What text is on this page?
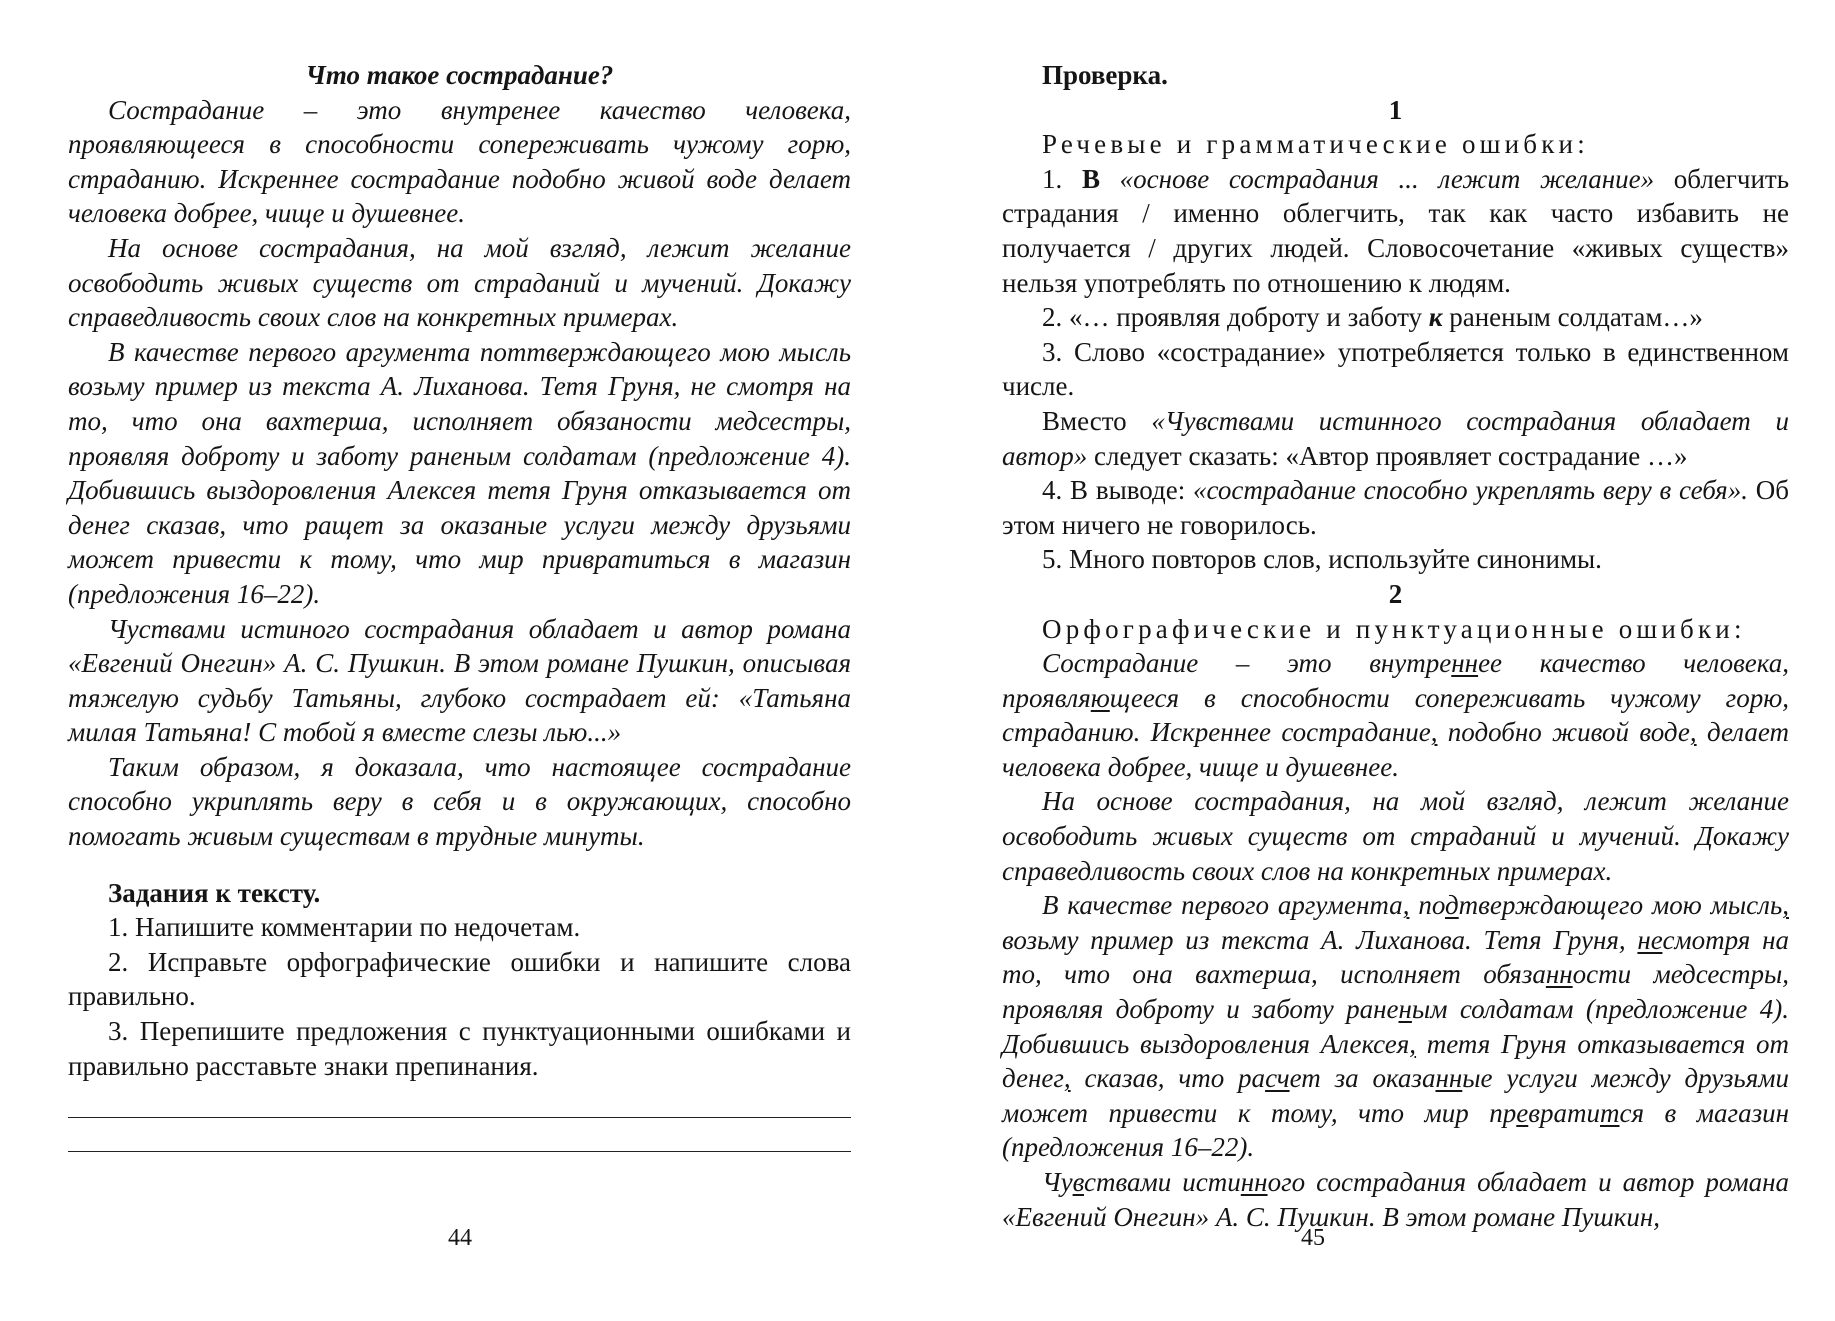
Что такое сострадание?

Сострадание – это внутренее качество человека, проявляющееся в способности сопереживать чужому горю, страданию. Искреннее сострадание подобно живой воде делает человека добрее, чище и душевнее.

На основе сострадания, на мой взгляд, лежит желание освободить живых существ от страданий и мучений. Докажу справедливость своих слов на конкретных примерах.

В качестве первого аргумента поттверждающего мою мысль возьму пример из текста А. Лиханова. Тетя Груня, не смотря на то, что она вахтерша, исполняет обязаности медсестры, проявляя доброту и заботу раненым солдатам (предложение 4). Добившись выздоровления Алексея тетя Груня отказывается от денег сказав, что ращет за оказаные услуги между друзьями может привести к тому, что мир привратиться в магазин (предложения 16–22).

Чуствами истиного сострадания обладает и автор романа «Евгений Онегин» А. С. Пушкин. В этом романе Пушкин, описывая тяжелую судьбу Татьяны, глубоко сострадает ей: «Татьяна милая Татьяна! С тобой я вместе слезы лью...»

Таким образом, я доказала, что настоящее сострадание способно укриплять веру в себя и в окружающих, способно помогать живым существам в трудные минуты.

Задания к тексту.

1. Напишите комментарии по недочетам.

2. Исправьте орфографические ошибки и напишите слова правильно.

3. Перепишите предложения с пунктуационными ошибками и правильно расставьте знаки препинания.

44

Проверка.

1

Речевые и грамматические ошибки:

1. В «основе сострадания ... лежит желание» облегчить страдания / именно облегчить, так как часто избавить не получается / других людей. Словосочетание «живых существ» нельзя употреблять по отношению к людям.

2. «… проявляя доброту и заботу к раненым солдатам…»

3. Слово «сострадание» употребляется только в единственном числе.

Вместо «Чувствами истинного сострадания обладает и автор» следует сказать: «Автор проявляет сострадание …»

4. В выводе: «сострадание способно укреплять веру в себя». Об этом ничего не говорилось.

5. Много повторов слов, используйте синонимы.

2

Орфографические и пунктуационные ошибки:

Сострадание – это внутреннее качество человека, проявляющееся в способности сопереживать чужому горю, страданию. Искреннее сострадание, подобно живой воде, делает человека добрее, чище и душевнее.

На основе сострадания, на мой взгляд, лежит желание освободить живых существ от страданий и мучений. Докажу справедливость своих слов на конкретных примерах.

В качестве первого аргумента, подтверждающего мою мысль, возьму пример из текста А. Лиханова. Тетя Груня, несмотря на то, что она вахтерша, исполняет обязанности медсестры, проявляя доброту и заботу раненым солдатам (предложение 4). Добившись выздоровления Алексея, тетя Груня отказывается от денег, сказав, что расчет за оказанные услуги между друзьями может привести к тому, что мир превратится в магазин (предложения 16–22).

Чувствами истинного сострадания обладает и автор романа «Евгений Онегин» А. С. Пушкин. В этом романе Пушкин,

45
